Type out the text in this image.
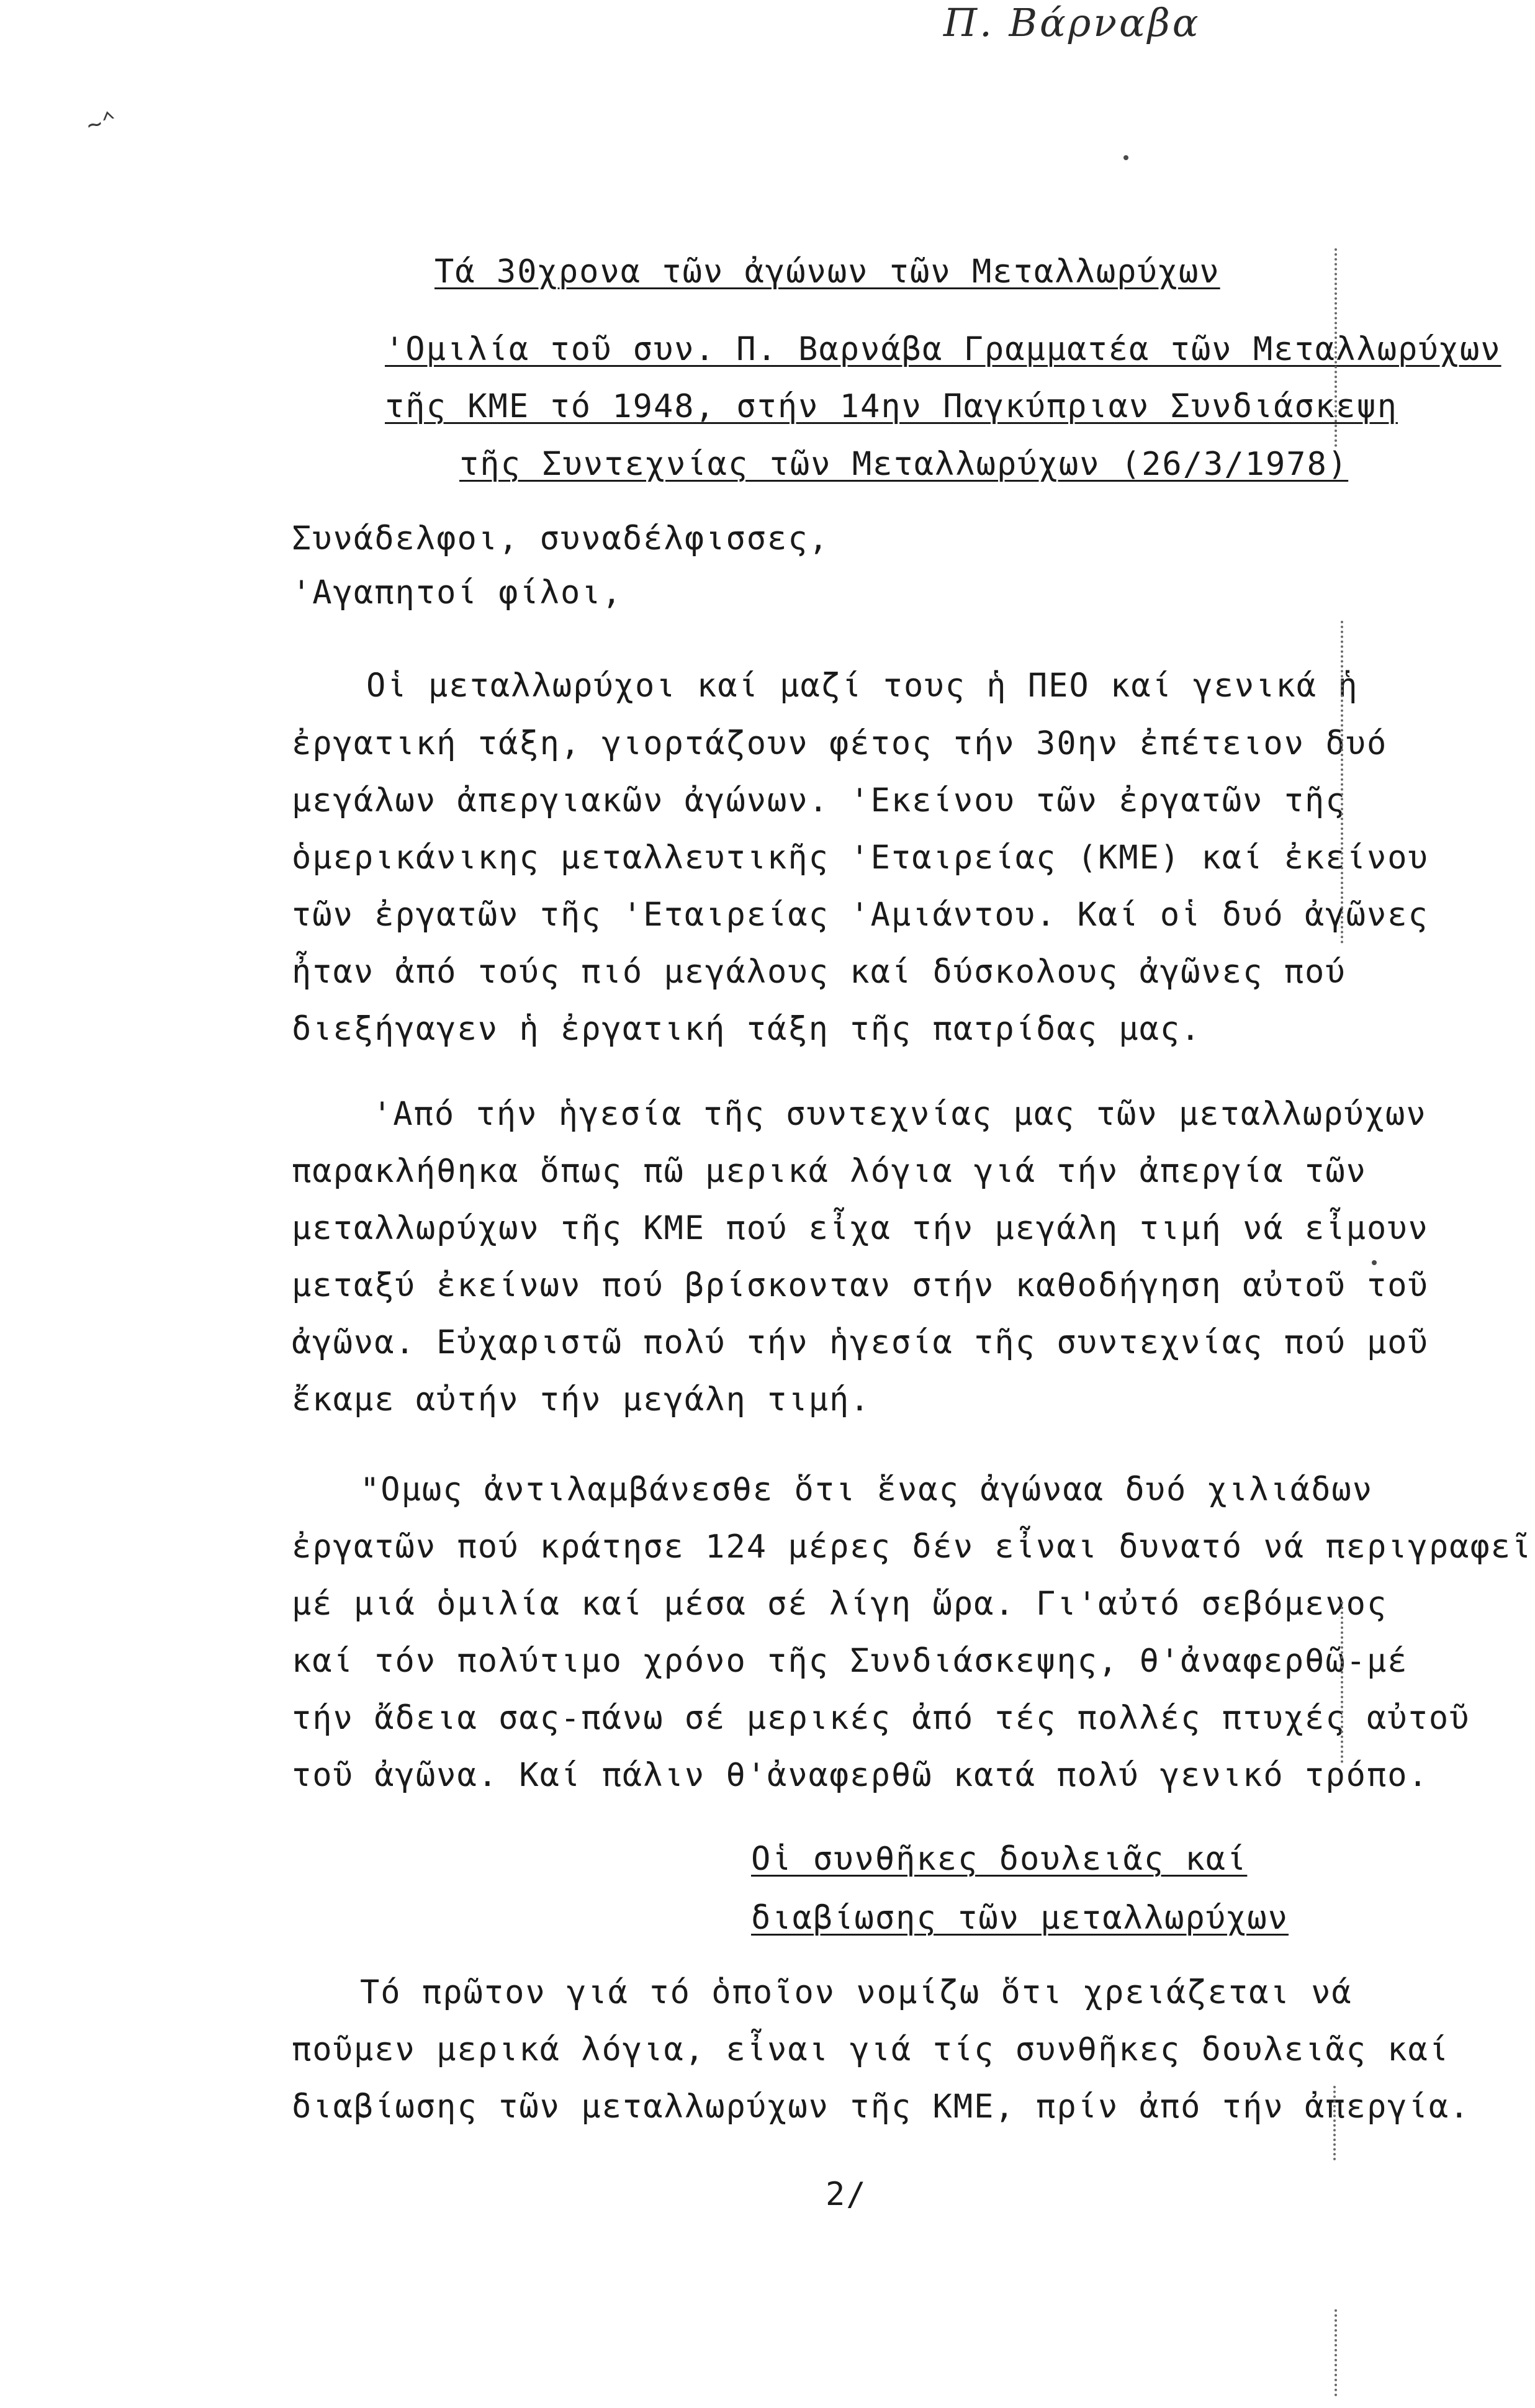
Π. Βάρναβα
~⌃
Τά 30χρονα τῶν ἀγώνων τῶν Μεταλλωρύχων
'Ομιλία τοῦ συν. Π. Βαρνάβα Γραμματέα τῶν Μεταλλωρύχων
τῆς ΚΜΕ τό 1948, στήν 14ην Παγκύπριαν Συνδιάσκεψη
τῆς Συντεχνίας τῶν Μεταλλωρύχων (26/3/1978)
Συνάδελφοι, συναδέλφισσες,
'Αγαπητοί φίλοι,
Οἱ μεταλλωρύχοι καί μαζί τους ἡ ΠΕΟ καί γενικά ἡ
ἐργατική τάξη, γιορτάζουν φέτος τήν 30ην ἐπέτειον δυό
μεγάλων ἀπεργιακῶν ἀγώνων. 'Εκείνου τῶν ἐργατῶν τῆς
ὁμερικάνικης μεταλλευτικῆς 'Εταιρείας (ΚΜΕ) καί ἐκείνου
τῶν ἐργατῶν τῆς 'Εταιρείας 'Αμιάντου. Καί οἱ δυό ἀγῶνες
ἦταν ἀπό τούς πιό μεγάλους καί δύσκολους ἀγῶνες πού
διεξήγαγεν ἡ ἐργατική τάξη τῆς πατρίδας μας.
'Από τήν ἡγεσία τῆς συντεχνίας μας τῶν μεταλλωρύχων
παρακλήθηκα ὅπως πῶ μερικά λόγια γιά τήν ἀπεργία τῶν
μεταλλωρύχων τῆς ΚΜΕ πού εἶχα τήν μεγάλη τιμή νά εἶμουν
μεταξύ ἐκείνων πού βρίσκονταν στήν καθοδήγηση αὐτοῦ τοῦ
ἀγῶνα. Εὐχαριστῶ πολύ τήν ἡγεσία τῆς συντεχνίας πού μοῦ
ἔκαμε αὐτήν τήν μεγάλη τιμή.
"Ομως ἀντιλαμβάνεσθε ὅτι ἕνας ἀγώναα δυό χιλιάδων
ἐργατῶν πού κράτησε 124 μέρες δέν εἶναι δυνατό νά περιγραφεῖ
μέ μιά ὁμιλία καί μέσα σέ λίγη ὥρα. Γι'αὐτό σεβόμενος
καί τόν πολύτιμο χρόνο τῆς Συνδιάσκεψης, θ'ἀναφερθῶ-μέ
τήν ἄδεια σας-πάνω σέ μερικές ἀπό τές πολλές πτυχές αὐτοῦ
τοῦ ἀγῶνα. Καί πάλιν θ'ἀναφερθῶ κατά πολύ γενικό τρόπο.
Οἱ συνθῆκες δουλειᾶς καί
διαβίωσης τῶν μεταλλωρύχων
Τό πρῶτον γιά τό ὁποῖον νομίζω ὅτι χρειάζεται νά
ποῦμεν μερικά λόγια, εἶναι γιά τίς συνθῆκες δουλειᾶς καί
διαβίωσης τῶν μεταλλωρύχων τῆς ΚΜΕ, πρίν ἀπό τήν ἀπεργία.
2/
